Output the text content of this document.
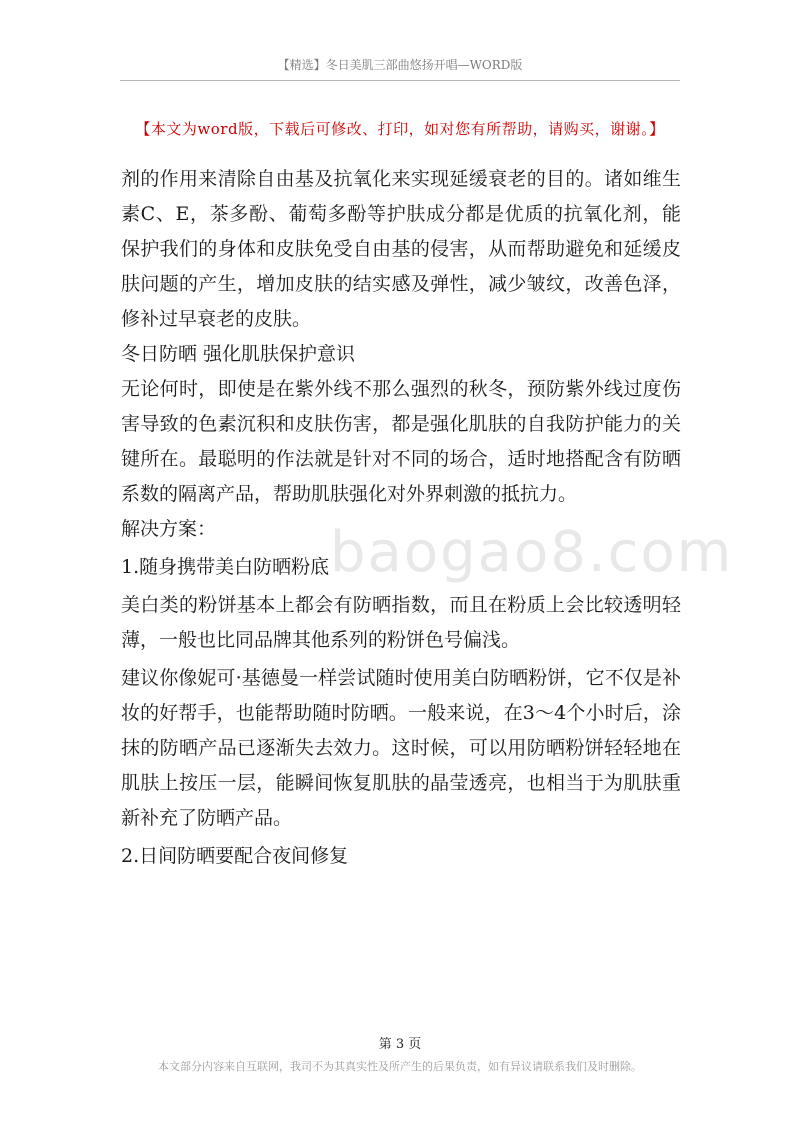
【精选】冬日美肌三部曲悠扬开唱—WORD版
【本文为word版，下载后可修改、打印，如对您有所帮助，请购买，谢谢。】
baogao8.com

剂的作用来清除自由基及抗氧化来实现延缓衰老的目的。诸如维生素C、E，茶多酚、葡萄多酚等护肤成分都是优质的抗氧化剂，能保护我们的身体和皮肤免受自由基的侵害，从而帮助避免和延缓皮肤问题的产生，增加皮肤的结实感及弹性，减少皱纹，改善色泽，修补过早衰老的皮肤。

冬日防晒 强化肌肤保护意识

无论何时，即使是在紫外线不那么强烈的秋冬，预防紫外线过度伤害导致的色素沉积和皮肤伤害，都是强化肌肤的自我防护能力的关键所在。最聪明的作法就是针对不同的场合，适时地搭配含有防晒系数的隔离产品，帮助肌肤强化对外界刺激的抵抗力。

解决方案：

1.随身携带美白防晒粉底

美白类的粉饼基本上都会有防晒指数，而且在粉质上会比较透明轻薄，一般也比同品牌其他系列的粉饼色号偏浅。

建议你像妮可·基德曼一样尝试随时使用美白防晒粉饼，它不仅是补妆的好帮手，也能帮助随时防晒。一般来说，在3～4个小时后，涂抹的防晒产品已逐渐失去效力。这时候，可以用防晒粉饼轻轻地在肌肤上按压一层，能瞬间恢复肌肤的晶莹透亮，也相当于为肌肤重新补充了防晒产品。

2.日间防晒要配合夜间修复

第 3 页
本文部分内容来自互联网，我司不为其真实性及所产生的后果负责，如有异议请联系我们及时删除。
